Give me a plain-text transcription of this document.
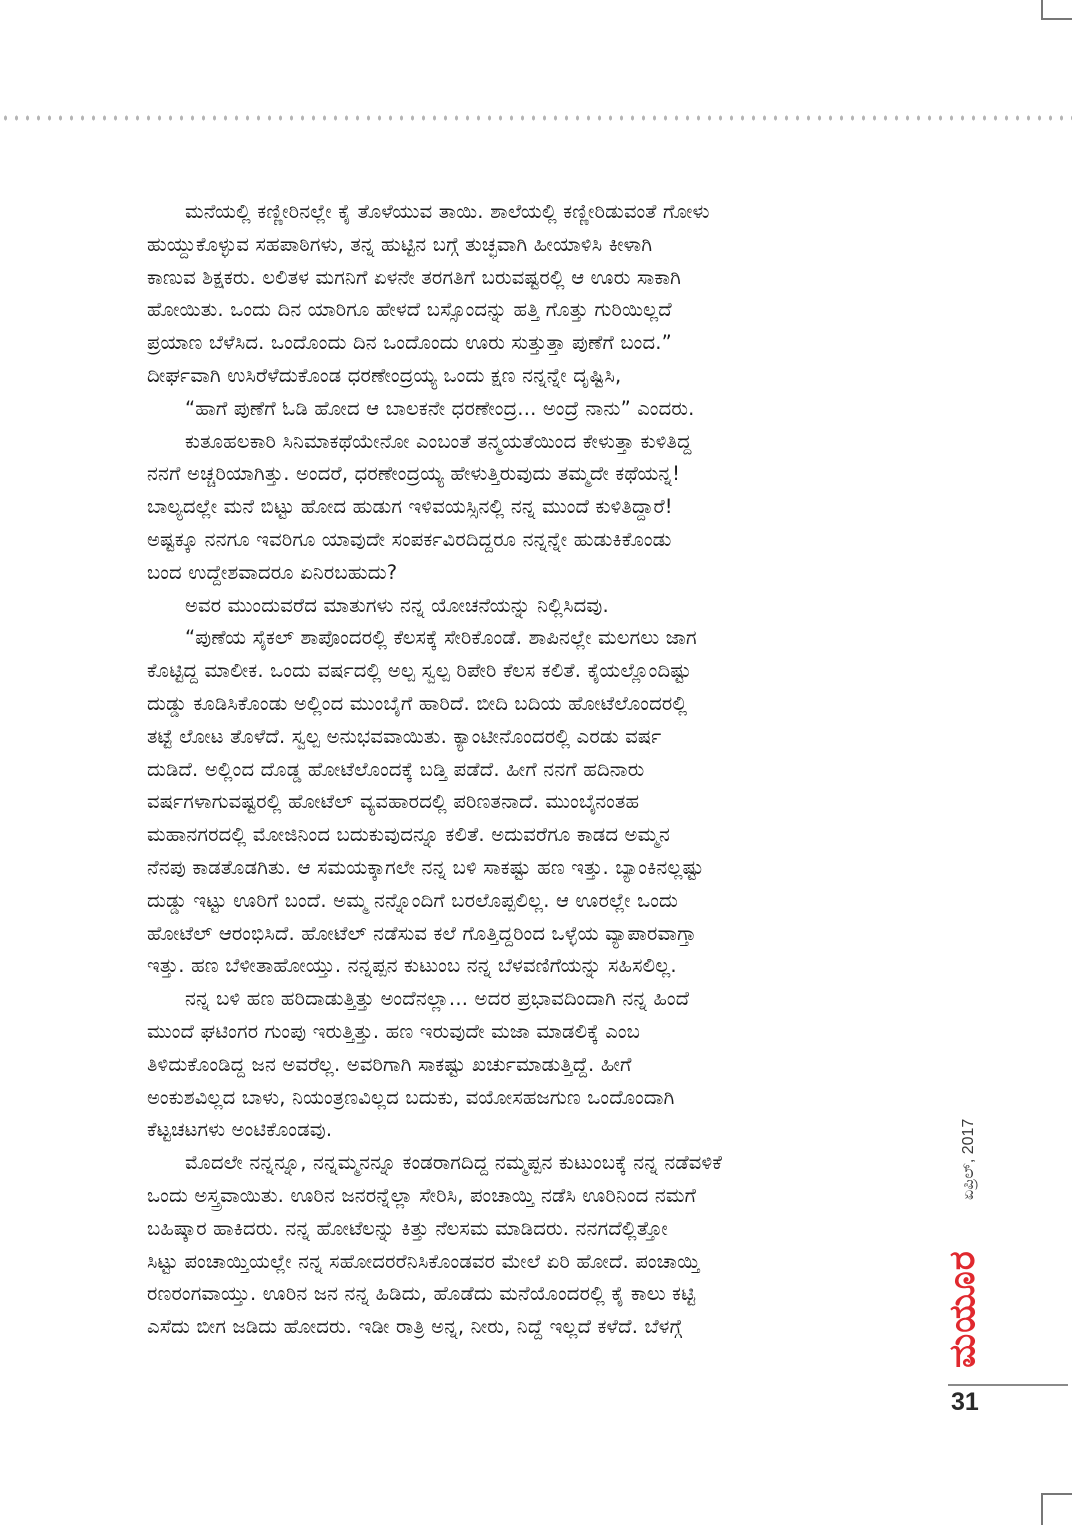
ಮನೆಯಲ್ಲಿ ಕಣ್ಣೀರಿನಲ್ಲೇ ಕೈ ತೊಳೆಯುವ ತಾಯಿ. ಶಾಲೆಯಲ್ಲಿ ಕಣ್ಣೀರಿಡುವಂತೆ ಗೋಳು
ಹುಯ್ದುಕೊಳ್ಳುವ ಸಹಪಾಠಿಗಳು, ತನ್ನ ಹುಟ್ಟಿನ ಬಗ್ಗೆ ತುಚ್ಛವಾಗಿ ಹೀಯಾಳಿಸಿ ಕೀಳಾಗಿ
ಕಾಣುವ ಶಿಕ್ಷಕರು. ಲಲಿತಳ ಮಗನಿಗೆ ಏಳನೇ ತರಗತಿಗೆ ಬರುವಷ್ಟರಲ್ಲಿ ಆ ಊರು ಸಾಕಾಗಿ
ಹೋಯಿತು. ಒಂದು ದಿನ ಯಾರಿಗೂ ಹೇಳದೆ ಬಸ್ಸೊಂದನ್ನು ಹತ್ತಿ ಗೊತ್ತು ಗುರಿಯಿಲ್ಲದೆ
ಪ್ರಯಾಣ ಬೆಳೆಸಿದ. ಒಂದೊಂದು ದಿನ ಒಂದೊಂದು ಊರು ಸುತ್ತುತ್ತಾ ಪುಣೆಗೆ ಬಂದ.”
ದೀರ್ಘವಾಗಿ ಉಸಿರೆಳೆದುಕೊಂಡ ಧರಣೇಂದ್ರಯ್ಯ ಒಂದು ಕ್ಷಣ ನನ್ನನ್ನೇ ದೃಷ್ಟಿಸಿ,
“ಹಾಗೆ ಪುಣೆಗೆ ಓಡಿ ಹೋದ ಆ ಬಾಲಕನೇ ಧರಣೇಂದ್ರ... ಅಂದ್ರೆ ನಾನು” ಎಂದರು.
ಕುತೂಹಲಕಾರಿ ಸಿನಿಮಾಕಥೆಯೇನೋ ಎಂಬಂತೆ ತನ್ಮಯತೆಯಿಂದ ಕೇಳುತ್ತಾ ಕುಳಿತಿದ್ದ
ನನಗೆ ಅಚ್ಚರಿಯಾಗಿತ್ತು. ಅಂದರೆ, ಧರಣೇಂದ್ರಯ್ಯ ಹೇಳುತ್ತಿರುವುದು ತಮ್ಮದೇ ಕಥೆಯನ್ನ!
ಬಾಲ್ಯದಲ್ಲೇ ಮನೆ ಬಿಟ್ಟು ಹೋದ ಹುಡುಗ ಇಳಿವಯಸ್ಸಿನಲ್ಲಿ ನನ್ನ ಮುಂದೆ ಕುಳಿತಿದ್ದಾರೆ!
ಅಷ್ಟಕ್ಕೂ ನನಗೂ ಇವರಿಗೂ ಯಾವುದೇ ಸಂಪರ್ಕವಿರದಿದ್ದರೂ ನನ್ನನ್ನೇ ಹುಡುಕಿಕೊಂಡು
ಬಂದ ಉದ್ದೇಶವಾದರೂ ಏನಿರಬಹುದು?
ಅವರ ಮುಂದುವರೆದ ಮಾತುಗಳು ನನ್ನ ಯೋಚನೆಯನ್ನು ನಿಲ್ಲಿಸಿದವು.
“ಪುಣೆಯ ಸೈಕಲ್ ಶಾಪೊಂದರಲ್ಲಿ ಕೆಲಸಕ್ಕೆ ಸೇರಿಕೊಂಡೆ. ಶಾಪಿನಲ್ಲೇ ಮಲಗಲು ಜಾಗ
ಕೊಟ್ಟಿದ್ದ ಮಾಲೀಕ. ಒಂದು ವರ್ಷದಲ್ಲಿ ಅಲ್ಪ ಸ್ವಲ್ಪ ರಿಪೇರಿ ಕೆಲಸ ಕಲಿತೆ. ಕೈಯಲ್ಲೊಂದಿಷ್ಟು
ದುಡ್ಡು ಕೂಡಿಸಿಕೊಂಡು ಅಲ್ಲಿಂದ ಮುಂಬೈಗೆ ಹಾರಿದೆ. ಬೀದಿ ಬದಿಯ ಹೋಟೆಲೊಂದರಲ್ಲಿ
ತಟ್ಟೆ ಲೋಟ ತೊಳೆದೆ. ಸ್ವಲ್ಪ ಅನುಭವವಾಯಿತು. ಕ್ಯಾಂಟೀನೊಂದರಲ್ಲಿ ಎರಡು ವರ್ಷ
ದುಡಿದೆ. ಅಲ್ಲಿಂದ ದೊಡ್ಡ ಹೋಟೆಲೊಂದಕ್ಕೆ ಬಡ್ತಿ ಪಡೆದೆ. ಹೀಗೆ ನನಗೆ ಹದಿನಾರು
ವರ್ಷಗಳಾಗುವಷ್ಟರಲ್ಲಿ ಹೋಟೆಲ್ ವ್ಯವಹಾರದಲ್ಲಿ ಪರಿಣತನಾದೆ. ಮುಂಬೈನಂತಹ
ಮಹಾನಗರದಲ್ಲಿ ಮೋಜಿನಿಂದ ಬದುಕುವುದನ್ನೂ ಕಲಿತೆ. ಅದುವರೆಗೂ ಕಾಡದ ಅಮ್ಮನ
ನೆನಪು ಕಾಡತೊಡಗಿತು. ಆ ಸಮಯಕ್ಕಾಗಲೇ ನನ್ನ ಬಳಿ ಸಾಕಷ್ಟು ಹಣ ಇತ್ತು. ಬ್ಯಾಂಕಿನಲ್ಲಷ್ಟು
ದುಡ್ಡು ಇಟ್ಟು ಊರಿಗೆ ಬಂದೆ. ಅಮ್ಮ ನನ್ನೊಂದಿಗೆ ಬರಲೊಪ್ಪಲಿಲ್ಲ. ಆ ಊರಲ್ಲೇ ಒಂದು
ಹೋಟೆಲ್ ಆರಂಭಿಸಿದೆ. ಹೋಟೆಲ್ ನಡೆಸುವ ಕಲೆ ಗೊತ್ತಿದ್ದರಿಂದ ಒಳ್ಳೆಯ ವ್ಯಾಪಾರವಾಗ್ತಾ
ಇತ್ತು. ಹಣ ಬೆಳೀತಾಹೋಯ್ತು. ನನ್ನಪ್ಪನ ಕುಟುಂಬ ನನ್ನ ಬೆಳವಣಿಗೆಯನ್ನು ಸಹಿಸಲಿಲ್ಲ.
ನನ್ನ ಬಳಿ ಹಣ ಹರಿದಾಡುತ್ತಿತ್ತು ಅಂದೆನಲ್ಲಾ... ಅದರ ಪ್ರಭಾವದಿಂದಾಗಿ ನನ್ನ ಹಿಂದೆ
ಮುಂದೆ ಘಟಿಂಗರ ಗುಂಪು ಇರುತ್ತಿತ್ತು. ಹಣ ಇರುವುದೇ ಮಜಾ ಮಾಡಲಿಕ್ಕೆ ಎಂಬ
ತಿಳಿದುಕೊಂಡಿದ್ದ ಜನ ಅವರೆಲ್ಲ. ಅವರಿಗಾಗಿ ಸಾಕಷ್ಟು ಖರ್ಚುಮಾಡುತ್ತಿದ್ದೆ. ಹೀಗೆ
ಅಂಕುಶವಿಲ್ಲದ ಬಾಳು, ನಿಯಂತ್ರಣವಿಲ್ಲದ ಬದುಕು, ವಯೋಸಹಜಗುಣ ಒಂದೊಂದಾಗಿ
ಕೆಟ್ಟಚಟಗಳು ಅಂಟಿಕೊಂಡವು.
ಮೊದಲೇ ನನ್ನನ್ನೂ, ನನ್ನಮ್ಮನನ್ನೂ ಕಂಡರಾಗದಿದ್ದ ನಮ್ಮಪ್ಪನ ಕುಟುಂಬಕ್ಕೆ ನನ್ನ ನಡೆವಳಿಕೆ
ಒಂದು ಅಸ್ತ್ರವಾಯಿತು. ಊರಿನ ಜನರನ್ನೆಲ್ಲಾ ಸೇರಿಸಿ, ಪಂಚಾಯ್ತಿ ನಡೆಸಿ ಊರಿನಿಂದ ನಮಗೆ
ಬಹಿಷ್ಕಾರ ಹಾಕಿದರು. ನನ್ನ ಹೋಟೆಲನ್ನು ಕಿತ್ತು ನೆಲಸಮ ಮಾಡಿದರು. ನನಗದೆಲ್ಲಿತ್ತೋ
ಸಿಟ್ಟು ಪಂಚಾಯ್ತಿಯಲ್ಲೇ ನನ್ನ ಸಹೋದರರೆನಿಸಿಕೊಂಡವರ ಮೇಲೆ ಏರಿ ಹೋದೆ. ಪಂಚಾಯ್ತಿ
ರಣರಂಗವಾಯ್ತು. ಊರಿನ ಜನ ನನ್ನ ಹಿಡಿದು, ಹೊಡೆದು ಮನೆಯೊಂದರಲ್ಲಿ ಕೈ ಕಾಲು ಕಟ್ಟಿ
ಎಸೆದು ಬೀಗ ಜಡಿದು ಹೋದರು. ಇಡೀ ರಾತ್ರಿ ಅನ್ನ, ನೀರು, ನಿದ್ದೆ ಇಲ್ಲದೆ ಕಳೆದೆ. ಬೆಳಗ್ಗೆ
ಏಪ್ರಿಲ್, 2017
ಮಯೂರ
31
